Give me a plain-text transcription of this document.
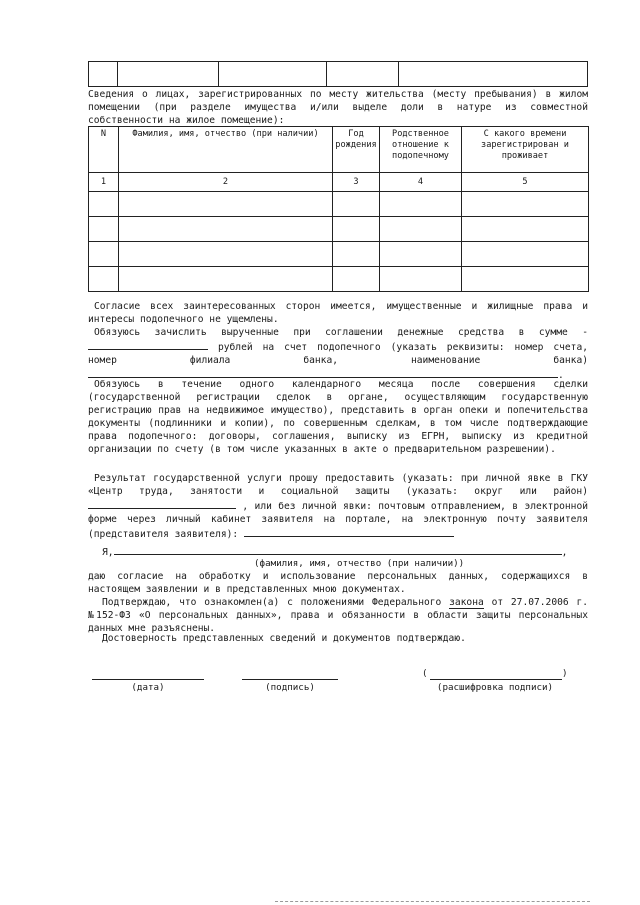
Сведения о лицах, зарегистрированных по месту жительства (месту пребывания) в жилом помещении (при разделе имущества и/или выделе доли в натуре из совместной собственности на жилое помещение):

N	Фамилия, имя, отчество (при наличии)	Год рождения	Родственное отношение к подопечному	С какого времени зарегистрирован и проживает
1	2	3	4	5

Согласие всех заинтересованных сторон имеется, имущественные и жилищные права и интересы подопечного не ущемлены.

Обязуюсь зачислить вырученные при соглашении денежные средства в сумме -  рублей на счет подопечного (указать реквизиты: номер счета, номер филиала банка, наименование банка) .

Обязуюсь в течение одного календарного месяца после совершения сделки (государственной регистрации сделок в органе, осуществляющим государственную регистрацию прав на недвижимое имущество), представить в орган опеки и попечительства документы (подлинники и копии), по совершенным сделкам, в том числе подтверждающие права подопечного: договоры, соглашения, выписку из ЕГРН, выписку из кредитной организации по счету (в том числе указанных в акте о предварительном разрешении).

Результат государственной услуги прошу предоставить (указать: при личной явке в ГКУ «Центр труда, занятости и социальной защиты (указать: округ или район)  , или без личной явки: почтовым отправлением, в электронной форме через личный кабинет заявителя на портале, на электронную почту заявителя (представителя заявителя):

Я,	,

(фамилия, имя, отчество (при наличии))

даю согласие на обработку и использование персональных данных, содержащихся в настоящем заявлении и в представленных мною документах.

Подтверждаю, что ознакомлен(а) с положениями Федерального закона от 27.07.2006 г. №152-ФЗ «О персональных данных», права и обязанности в области защиты персональных данных мне разъяснены.

Достоверность представленных сведений и документов подтверждаю.

(дата)	(подпись)
(	)
(расшифровка подписи)
